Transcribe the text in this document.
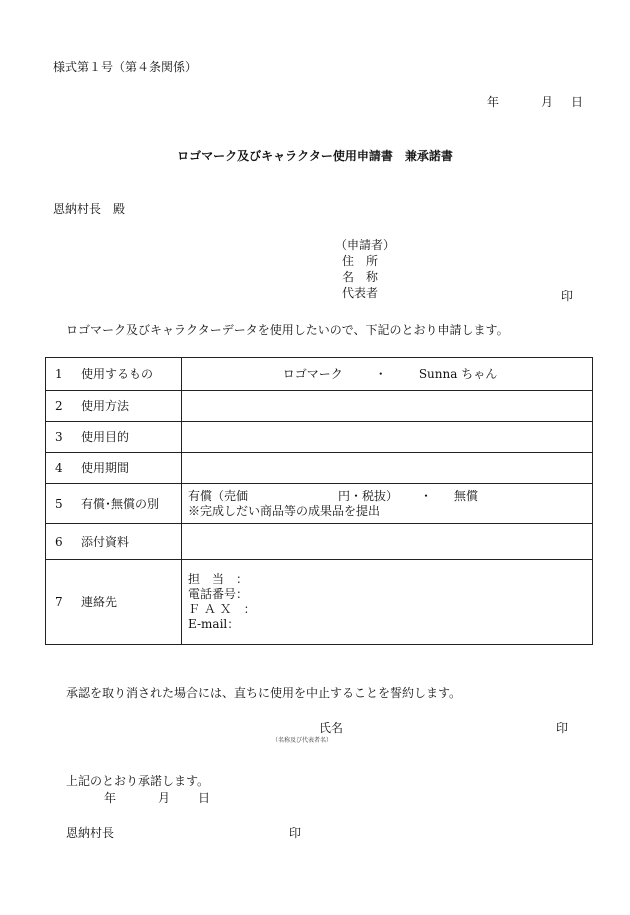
様式第１号（第４条関係）
年	月 日
ロゴマーク及びキャラクター使用申請書　兼承諾書
恩納村長　殿
（申請者）
住　所
名　称
代表者	印
ロゴマーク及びキャラクターデータを使用したいので、下記のとおり申請します。
1 使用するもの	ロゴマーク ・ Sunna ちゃん
2 使用方法	
3 使用目的	
4 使用期間	
5 有償･無償の別	有償（売価 円・税抜） ・ 無償
※完成しだい商品等の成果品を提出

6 添付資料	
7 連絡先	担　当　：
電話番号：
Ｆ Ａ Ｘ　：
E-mail：
承認を取り消された場合には、直ちに使用を中止することを誓約します。
氏名
（名称及び代表者名）
印
上記のとおり承諾します。
年	月 日
恩納村長	印
